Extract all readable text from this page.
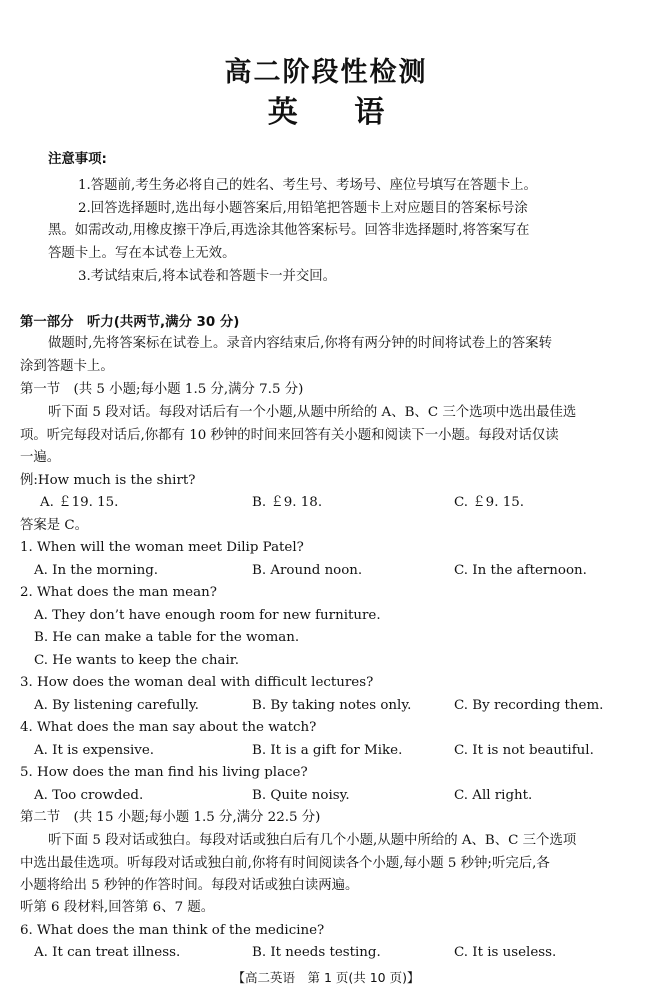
高二阶段性检测
英 语
注意事项:
1.答题前,考生务必将自己的姓名、考生号、考场号、座位号填写在答题卡上。
2.回答选择题时,选出每小题答案后,用铅笔把答题卡上对应题目的答案标号涂
黑。如需改动,用橡皮擦干净后,再选涂其他答案标号。回答非选择题时,将答案写在
答题卡上。写在本试卷上无效。
3.考试结束后,将本试卷和答题卡一并交回。
第一部分　听力(共两节,满分 30 分)
做题时,先将答案标在试卷上。录音内容结束后,你将有两分钟的时间将试卷上的答案转
涂到答题卡上。
第一节　(共 5 小题;每小题 1.5 分,满分 7.5 分)
听下面 5 段对话。每段对话后有一个小题,从题中所给的 A、B、C 三个选项中选出最佳选
项。听完每段对话后,你都有 10 秒钟的时间来回答有关小题和阅读下一小题。每段对话仅读
一遍。
例:How much is the shirt?
A. ￡19. 15.	B. ￡9. 18.	C. ￡9. 15.
答案是 C。
1. When will the woman meet Dilip Patel?
A. In the morning.	B. Around noon.	C. In the afternoon.
2. What does the man mean?
A. They don’t have enough room for new furniture.
B. He can make a table for the woman.
C. He wants to keep the chair.
3. How does the woman deal with difficult lectures?
A. By listening carefully.	B. By taking notes only.	C. By recording them.
4. What does the man say about the watch?
A. It is expensive.	B. It is a gift for Mike.	C. It is not beautiful.
5. How does the man find his living place?
A. Too crowded.	B. Quite noisy.	C. All right.
第二节　(共 15 小题;每小题 1.5 分,满分 22.5 分)
听下面 5 段对话或独白。每段对话或独白后有几个小题,从题中所给的 A、B、C 三个选项
中选出最佳选项。听每段对话或独白前,你将有时间阅读各个小题,每小题 5 秒钟;听完后,各
小题将给出 5 秒钟的作答时间。每段对话或独白读两遍。
听第 6 段材料,回答第 6、7 题。
6. What does the man think of the medicine?
A. It can treat illness.	B. It needs testing.	C. It is useless.
【高二英语　第 1 页(共 10 页)】
